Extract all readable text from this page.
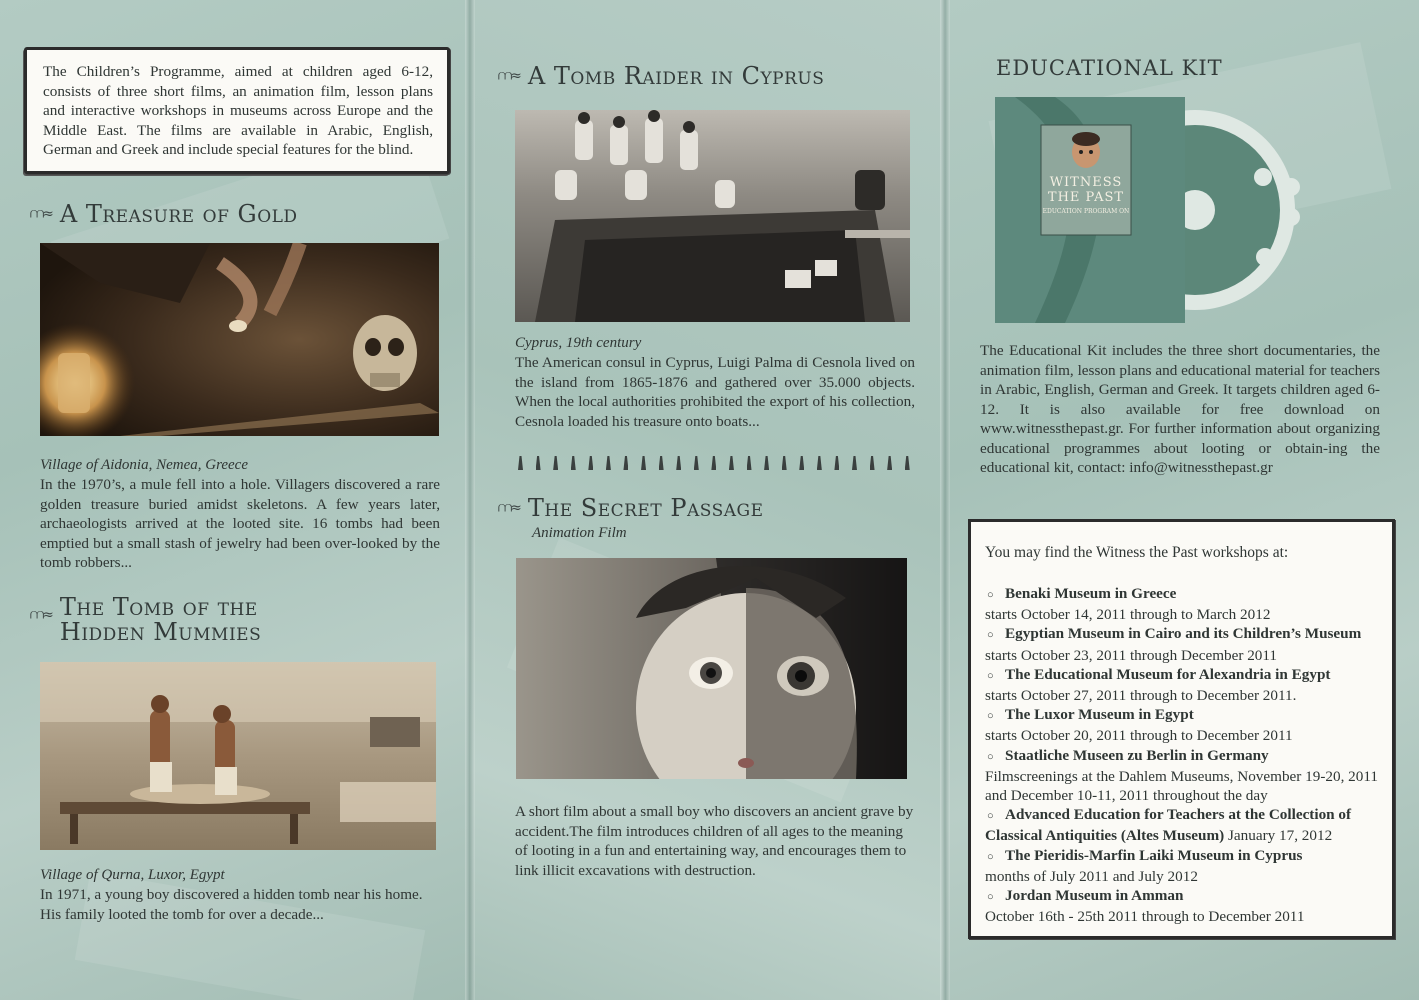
The Children’s Programme, aimed at children aged 6-12, consists of three short films, an animation film, lesson plans and interactive workshops in museums across Europe and the Middle East. The films are available in Arabic, English, German and Greek and include special features for the blind.

⩋≈ A Treasure of Gold

Village of Aidonia, Nemea, Greece

In the 1970’s, a mule fell into a hole. Villagers discovered a rare golden treasure buried amidst skeletons. A few years later, archaeologists arrived at the looted site. 16 tombs had been emptied but a small stash of jewelry had been over-looked by the tomb robbers...

⩋≈ The Tomb of the
Hidden Mummies

Village of Qurna, Luxor, Egypt

In 1971, a young boy discovered a hidden tomb near his home. His family looted the tomb for over a decade...

⩋≈ A Tomb Raider in Cyprus

Cyprus, 19th century

The American consul in Cyprus, Luigi Palma di Cesnola lived on the island from 1865-1876 and gathered over 35.000 objects. When the local authorities prohibited the export of his collection, Cesnola loaded his treasure onto boats...

⩋≈ The Secret Passage

Animation Film

A short film about a small boy who discovers an ancient grave by accident.The film introduces children of all ages to the meaning of looting in a fun and entertaining way, and encourages them to link illicit excavations with destruction.

EDUCATIONAL KIT
WITNESS
THE PAST
EDUCATION PROGRAM ON

The Educational Kit includes the three short documentaries, the animation film, lesson plans and educational material for teachers in Arabic, English, German and Greek. It targets children aged 6-12. It is also available for free download on www.witnessthepast.gr. For further information about organizing educational programmes about looting or obtain-ing the educational kit, contact: info@witnessthepast.gr

You may find the Witness the Past workshops at:

○ Benaki Museum in Greece
starts October 14, 2011 through to March 2012
○ Egyptian Museum in Cairo and its Children’s Museum
starts October 23, 2011 through December 2011
○ The Educational Museum for Alexandria in Egypt
starts October 27, 2011 through to December 2011.
○ The Luxor Museum in Egypt
starts October 20, 2011 through to December 2011
○ Staatliche Museen zu Berlin in Germany
Filmscreenings at the Dahlem Museums, November 19-20, 2011 and December 10-11, 2011 throughout the day
○ Advanced Education for Teachers at the Collection of Classical Antiquities (Altes Museum) January 17, 2012
○ The Pieridis-Marfin Laiki Museum in Cyprus
months of July 2011 and July 2012
○ Jordan Museum in Amman
October 16th - 25th 2011 through to December 2011
